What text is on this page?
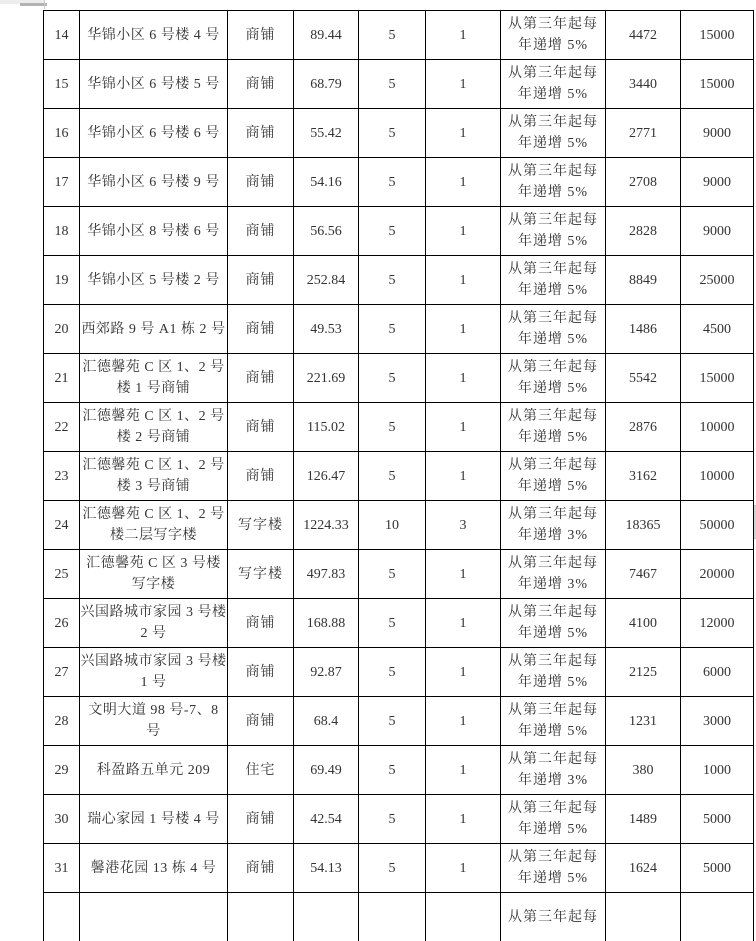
14	华锦小区 6 号楼 4 号	商铺	89.44	5	1	从第三年起每年递增 5%	4472	15000
15	华锦小区 6 号楼 5 号	商铺	68.79	5	1	从第三年起每年递增 5%	3440	15000
16	华锦小区 6 号楼 6 号	商铺	55.42	5	1	从第三年起每年递增 5%	2771	9000
17	华锦小区 6 号楼 9 号	商铺	54.16	5	1	从第三年起每年递增 5%	2708	9000
18	华锦小区 8 号楼 6 号	商铺	56.56	5	1	从第三年起每年递增 5%	2828	9000
19	华锦小区 5 号楼 2 号	商铺	252.84	5	1	从第三年起每年递增 5%	8849	25000
20	西郊路 9 号 A1 栋 2 号	商铺	49.53	5	1	从第三年起每年递增 5%	1486	4500
21	汇德馨苑 C 区 1、2 号楼 1 号商铺	商铺	221.69	5	1	从第三年起每年递增 5%	5542	15000
22	汇德馨苑 C 区 1、2 号楼 2 号商铺	商铺	115.02	5	1	从第三年起每年递增 5%	2876	10000
23	汇德馨苑 C 区 1、2 号楼 3 号商铺	商铺	126.47	5	1	从第三年起每年递增 5%	3162	10000
24	汇德馨苑 C 区 1、2 号楼二层写字楼	写字楼	1224.33	10	3	从第三年起每年递增 3%	18365	50000
25	汇德馨苑 C 区 3 号楼写字楼	写字楼	497.83	5	1	从第三年起每年递增 3%	7467	20000
26	兴国路城市家园 3 号楼 2 号	商铺	168.88	5	1	从第三年起每年递增 5%	4100	12000
27	兴国路城市家园 3 号楼 1 号	商铺	92.87	5	1	从第三年起每年递增 5%	2125	6000
28	文明大道 98 号-7、8 号	商铺	68.4	5	1	从第三年起每年递增 5%	1231	3000
29	科盈路五单元 209	住宅	69.49	5	1	从第二年起每年递增 3%	380	1000
30	瑞心家园 1 号楼 4 号	商铺	42.54	5	1	从第三年起每年递增 5%	1489	5000
31	馨港花园 13 栋 4 号	商铺	54.13	5	1	从第三年起每年递增 5%	1624	5000
						从第三年起每		
